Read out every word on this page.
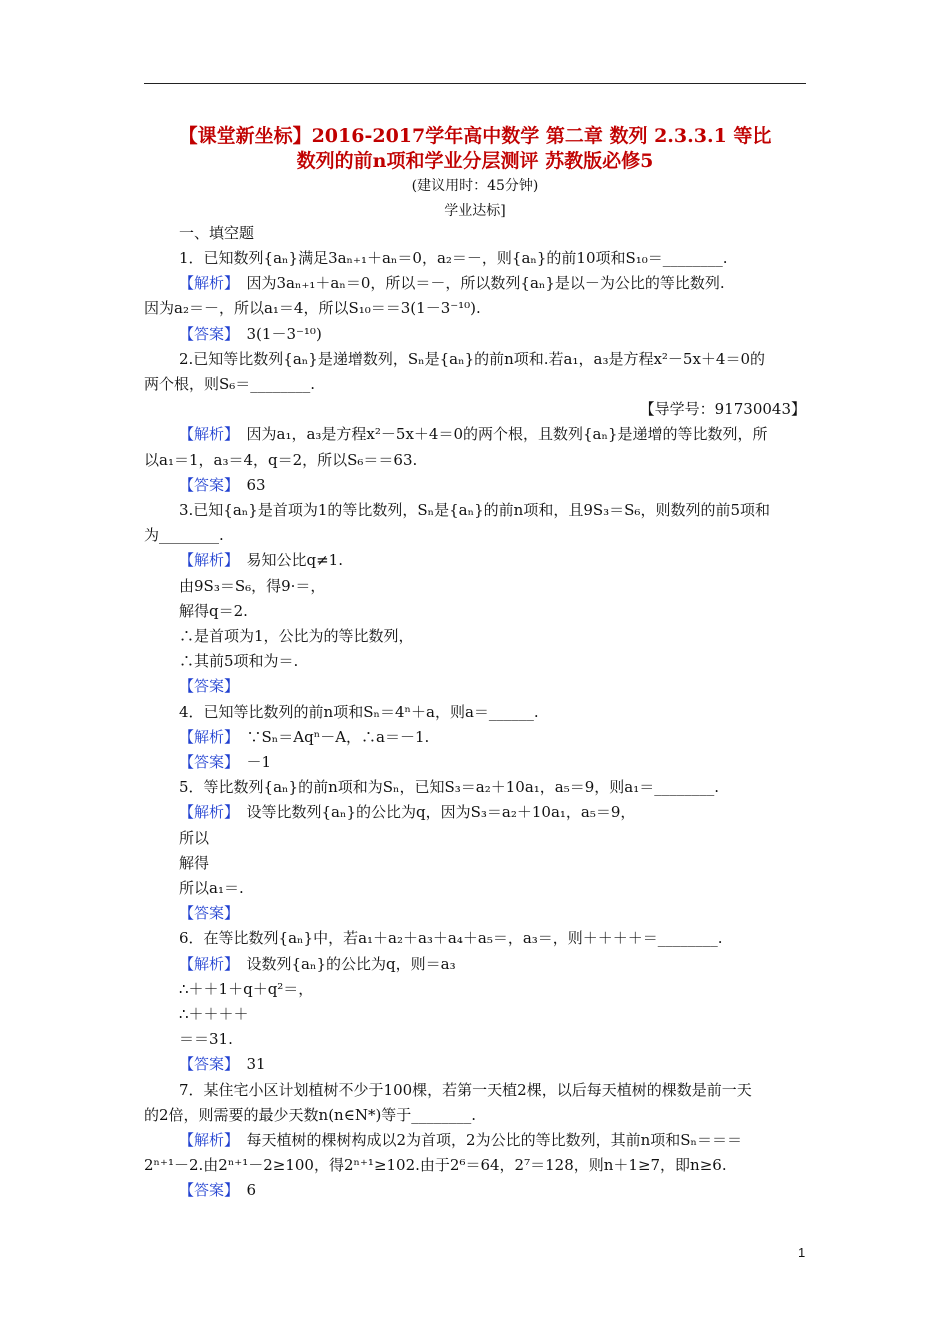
【课堂新坐标】2016-2017学年高中数学 第二章 数列 2.3.3.1 等比
数列的前n项和学业分层测评 苏教版必修5
(建议用时：45分钟)
学业达标]
一、填空题
1．已知数列{aₙ}满足3aₙ₊₁＋aₙ＝0，a₂＝－，则{aₙ}的前10项和S₁₀＝________.
【解析】　因为3aₙ₊₁＋aₙ＝0，所以＝－，所以数列{aₙ}是以－为公比的等比数列.
因为a₂＝－，所以a₁＝4，所以S₁₀＝＝3(1－3⁻¹⁰).
【答案】　3(1－3⁻¹⁰)
2.已知等比数列{aₙ}是递增数列，Sₙ是{aₙ}的前n项和.若a₁，a₃是方程x²－5x＋4＝0的
两个根，则S₆＝________.
【导学号：91730043】
【解析】　因为a₁，a₃是方程x²－5x＋4＝0的两个根，且数列{aₙ}是递增的等比数列，所
以a₁＝1，a₃＝4，q＝2，所以S₆＝＝63.
【答案】　63
3.已知{aₙ}是首项为1的等比数列，Sₙ是{aₙ}的前n项和，且9S₃＝S₆，则数列的前5项和
为________.
【解析】　易知公比q≠1.
由9S₃＝S₆，得9·＝，
解得q＝2.
∴是首项为1，公比为的等比数列，
∴其前5项和为＝.
【答案】
4．已知等比数列的前n项和Sₙ＝4ⁿ＋a，则a＝______.
【解析】　∵Sₙ＝Aqⁿ－A，∴a＝－1.
【答案】　－1
5．等比数列{aₙ}的前n项和为Sₙ，已知S₃＝a₂＋10a₁，a₅＝9，则a₁＝________.
【解析】　设等比数列{aₙ}的公比为q，因为S₃＝a₂＋10a₁，a₅＝9，
所以
解得
所以a₁＝.
【答案】
6．在等比数列{aₙ}中，若a₁＋a₂＋a₃＋a₄＋a₅＝，a₃＝，则＋＋＋＋＝________.
【解析】　设数列{aₙ}的公比为q，则＝a₃
∴＋＋1＋q＋q²＝，
∴＋＋＋＋
＝＝31.
【答案】　31
7．某住宅小区计划植树不少于100棵，若第一天植2棵，以后每天植树的棵数是前一天
的2倍，则需要的最少天数n(n∈N*)等于________.
【解析】　每天植树的棵树构成以2为首项，2为公比的等比数列，其前n项和Sₙ＝＝＝
2ⁿ⁺¹－2.由2ⁿ⁺¹－2≥100，得2ⁿ⁺¹≥102.由于2⁶＝64，2⁷＝128，则n＋1≥7，即n≥6.
【答案】　6
1
